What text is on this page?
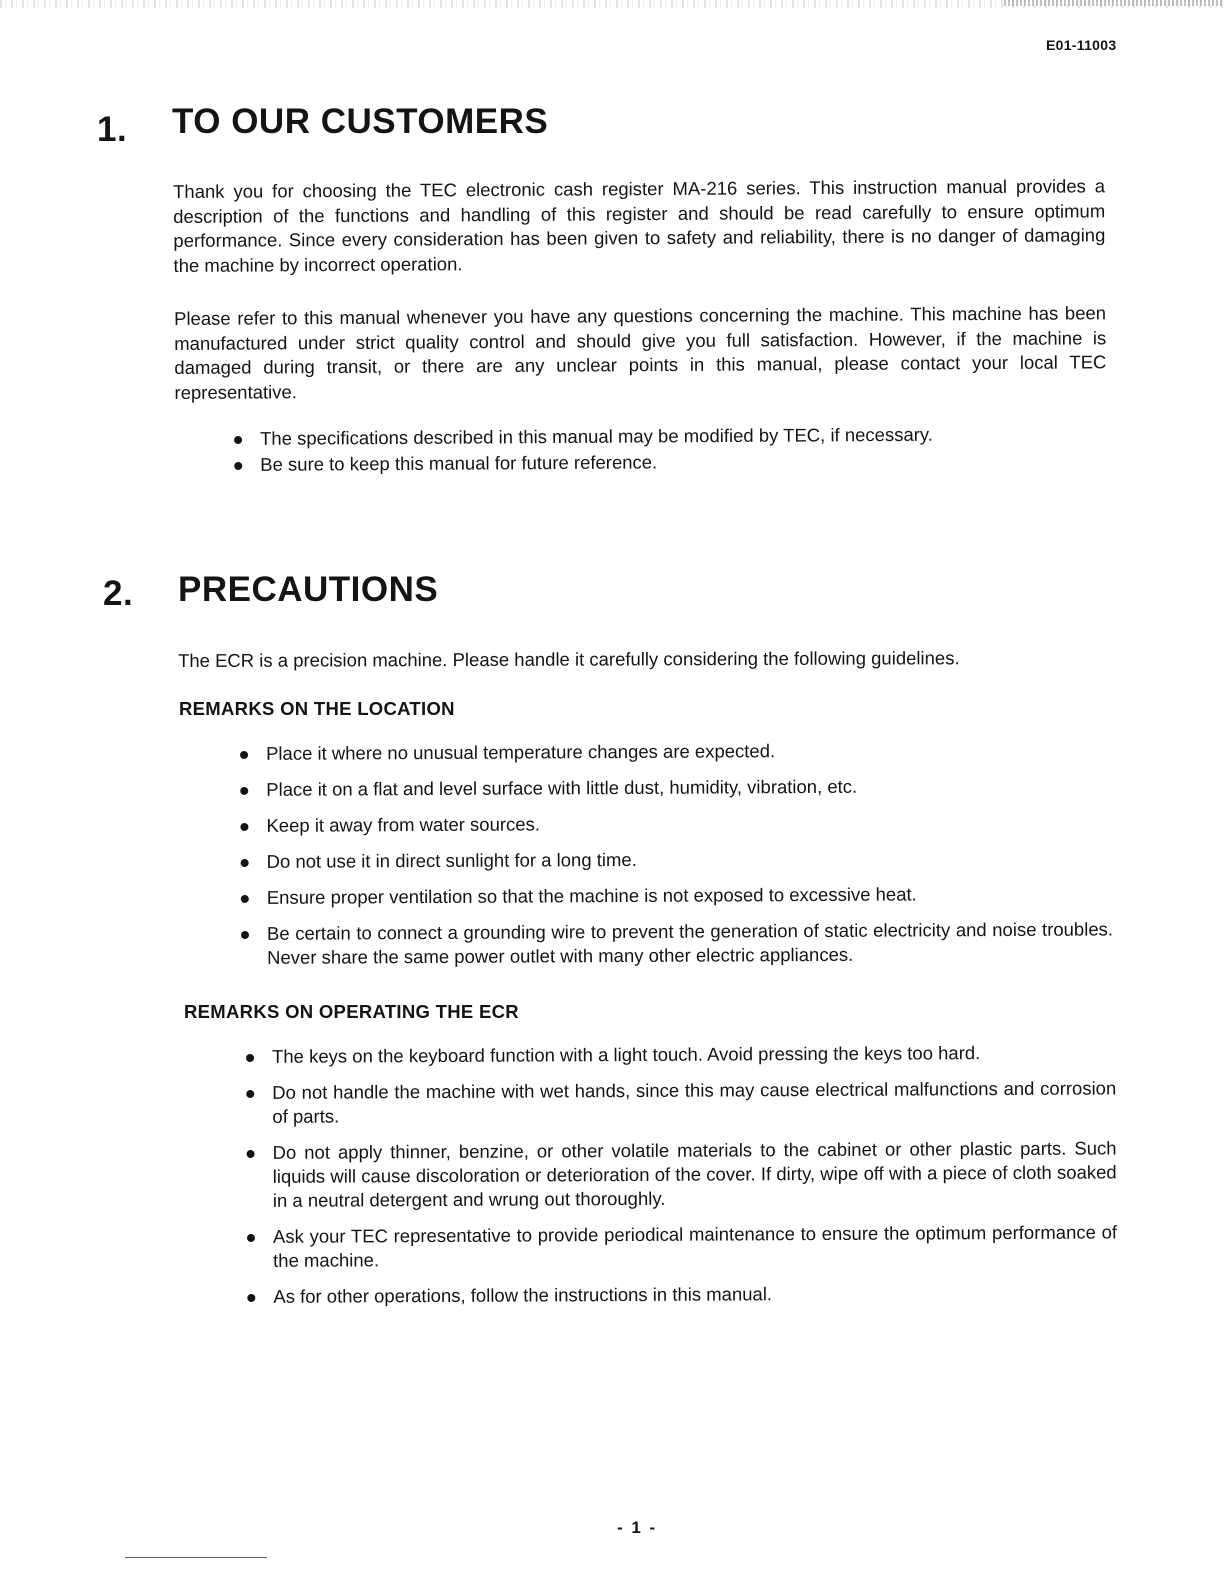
E01-11003
1. TO OUR CUSTOMERS

Thank you for choosing the TEC electronic cash register MA-216 series. This instruction manual provides a description of the functions and handling of this register and should be read carefully to ensure optimum performance. Since every consideration has been given to safety and reliability, there is no danger of damaging the machine by incorrect operation.

Please refer to this manual whenever you have any questions concerning the machine. This machine has been manufactured under strict quality control and should give you full satisfaction. However, if the machine is damaged during transit, or there are any unclear points in this manual, please contact your local TEC representative.

The specifications described in this manual may be modified by TEC, if necessary.
Be sure to keep this manual for future reference.
2. PRECAUTIONS

The ECR is a precision machine. Please handle it carefully considering the following guidelines.

REMARKS ON THE LOCATION
Place it where no unusual temperature changes are expected.
Place it on a flat and level surface with little dust, humidity, vibration, etc.
Keep it away from water sources.
Do not use it in direct sunlight for a long time.
Ensure proper ventilation so that the machine is not exposed to excessive heat.
Be certain to connect a grounding wire to prevent the generation of static electricity and noise troubles. Never share the same power outlet with many other electric appliances.
REMARKS ON OPERATING THE ECR
The keys on the keyboard function with a light touch. Avoid pressing the keys too hard.
Do not handle the machine with wet hands, since this may cause electrical malfunctions and corrosion of parts.
Do not apply thinner, benzine, or other volatile materials to the cabinet or other plastic parts. Such liquids will cause discoloration or deterioration of the cover. If dirty, wipe off with a piece of cloth soaked in a neutral detergent and wrung out thoroughly.
Ask your TEC representative to provide periodical maintenance to ensure the optimum performance of the machine.
As for other operations, follow the instructions in this manual.
- 1 -
